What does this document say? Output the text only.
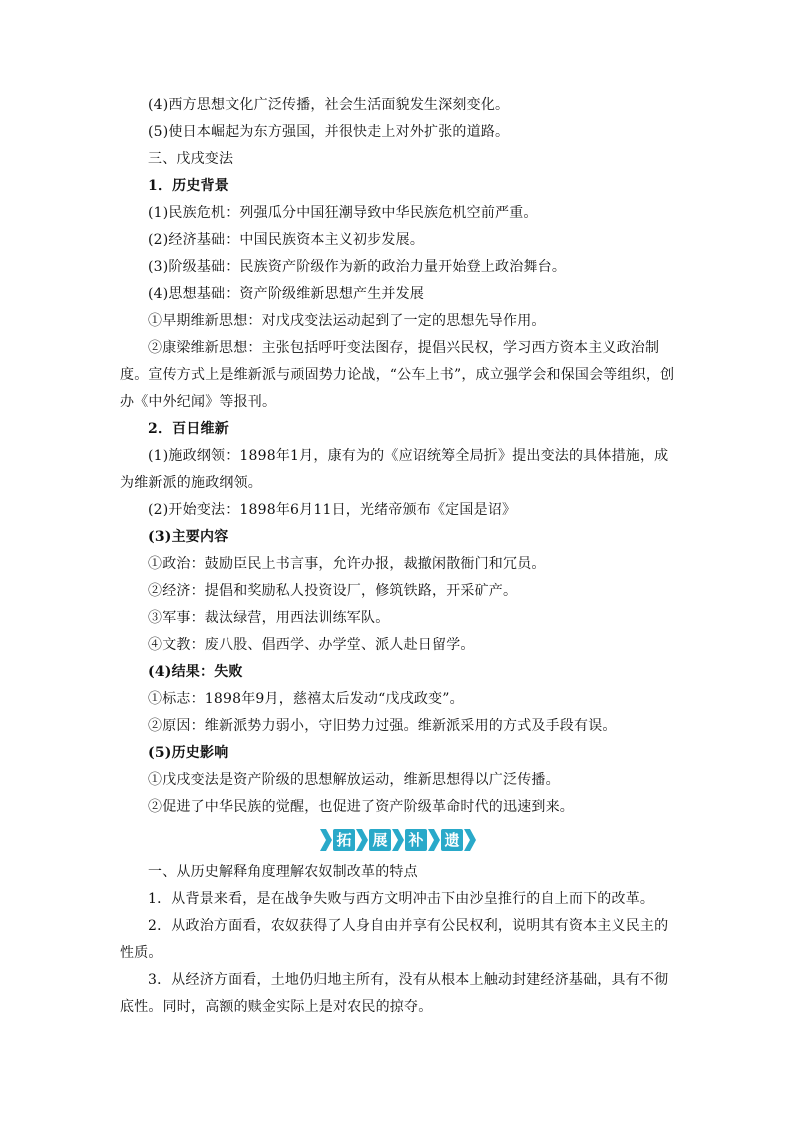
(4)西方思想文化广泛传播，社会生活面貌发生深刻变化。

(5)使日本崛起为东方强国，并很快走上对外扩张的道路。

三、戊戌变法

1．历史背景

(1)民族危机：列强瓜分中国狂潮导致中华民族危机空前严重。

(2)经济基础：中国民族资本主义初步发展。

(3)阶级基础：民族资产阶级作为新的政治力量开始登上政治舞台。

(4)思想基础：资产阶级维新思想产生并发展

①早期维新思想：对戊戌变法运动起到了一定的思想先导作用。

②康梁维新思想：主张包括呼吁变法图存，提倡兴民权，学习西方资本主义政治制度。宣传方式上是维新派与顽固势力论战，“公车上书”，成立强学会和保国会等组织，创办《中外纪闻》等报刊。

2．百日维新

(1)施政纲领：1898年1月，康有为的《应诏统筹全局折》提出变法的具体措施，成为维新派的施政纲领。

(2)开始变法：1898年6月11日，光绪帝颁布《定国是诏》

(3)主要内容

①政治：鼓励臣民上书言事，允许办报，裁撤闲散衙门和冗员。

②经济：提倡和奖励私人投资设厂，修筑铁路，开采矿产。

③军事：裁汰绿营，用西法训练军队。

④文教：废八股、倡西学、办学堂、派人赴日留学。

(4)结果：失败

①标志：1898年9月，慈禧太后发动“戊戌政变”。

②原因：维新派势力弱小，守旧势力过强。维新派采用的方式及手段有误。

(5)历史影响

①戊戌变法是资产阶级的思想解放运动，维新思想得以广泛传播。

②促进了中华民族的觉醒，也促进了资产阶级革命时代的迅速到来。

拓 展 补 遗

一、从历史解释角度理解农奴制改革的特点

1．从背景来看，是在战争失败与西方文明冲击下由沙皇推行的自上而下的改革。

2．从政治方面看，农奴获得了人身自由并享有公民权利，说明其有资本主义民主的性质。

3．从经济方面看，土地仍归地主所有，没有从根本上触动封建经济基础，具有不彻底性。同时，高额的赎金实际上是对农民的掠夺。
